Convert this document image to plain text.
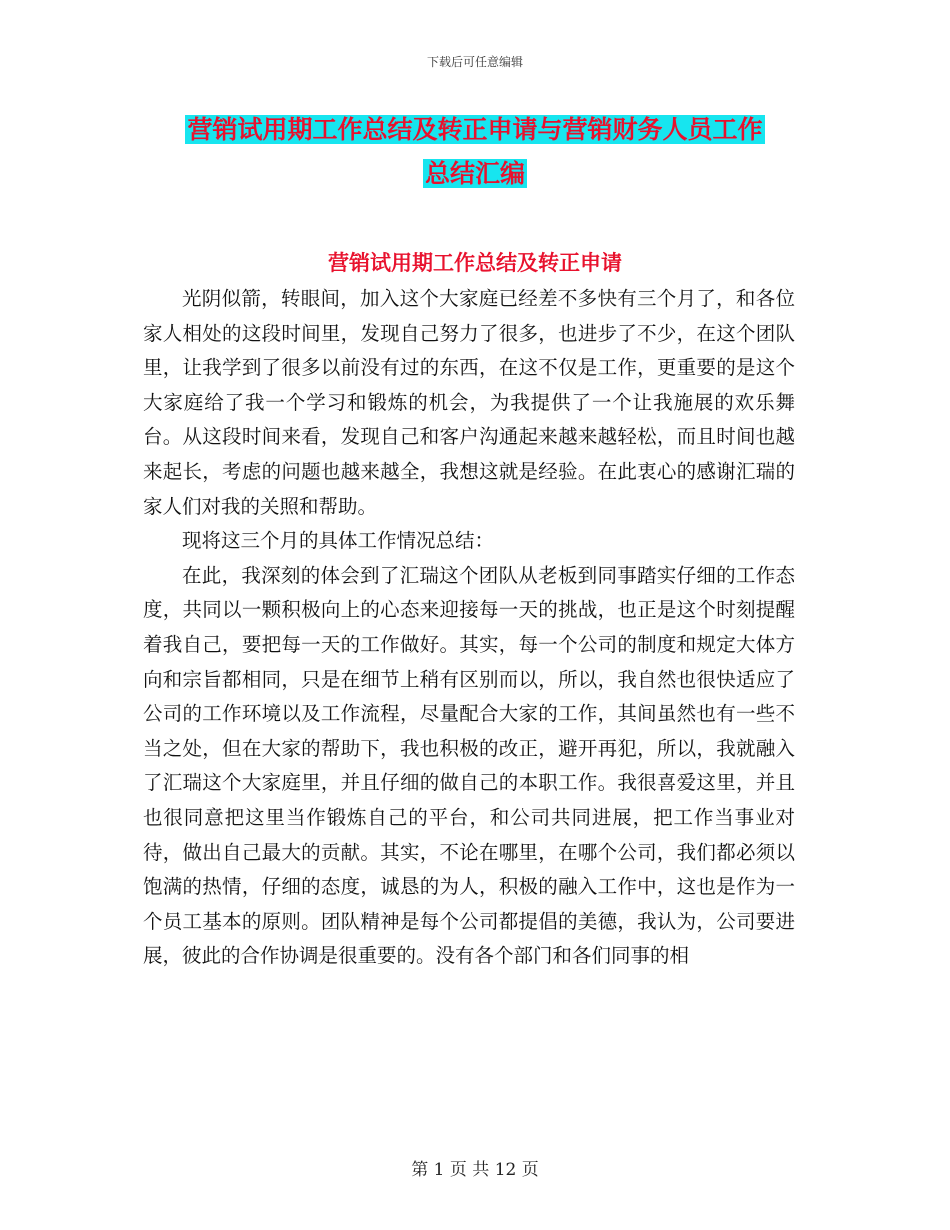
下载后可任意编辑
营销试用期工作总结及转正申请与营销财务人员工作
总结汇编
营销试用期工作总结及转正申请

光阴似箭，转眼间，加入这个大家庭已经差不多快有三个月了，和各位家人相处的这段时间里，发现自己努力了很多，也进步了不少，在这个团队里，让我学到了很多以前没有过的东西，在这不仅是工作，更重要的是这个大家庭给了我一个学习和锻炼的机会，为我提供了一个让我施展的欢乐舞台。从这段时间来看，发现自己和客户沟通起来越来越轻松，而且时间也越来起长，考虑的问题也越来越全，我想这就是经验。在此衷心的感谢汇瑞的家人们对我的关照和帮助。

现将这三个月的具体工作情况总结：

在此，我深刻的体会到了汇瑞这个团队从老板到同事踏实仔细的工作态度，共同以一颗积极向上的心态来迎接每一天的挑战，也正是这个时刻提醒着我自己，要把每一天的工作做好。其实，每一个公司的制度和规定大体方向和宗旨都相同，只是在细节上稍有区别而以，所以，我自然也很快适应了公司的工作环境以及工作流程，尽量配合大家的工作，其间虽然也有一些不当之处，但在大家的帮助下，我也积极的改正，避开再犯，所以，我就融入了汇瑞这个大家庭里，并且仔细的做自己的本职工作。我很喜爱这里，并且也很同意把这里当作锻炼自己的平台，和公司共同进展，把工作当事业对待，做出自己最大的贡献。其实，不论在哪里，在哪个公司，我们都必须以饱满的热情，仔细的态度，诚恳的为人，积极的融入工作中，这也是作为一个员工基本的原则。团队精神是每个公司都提倡的美德，我认为，公司要进展，彼此的合作协调是很重要的。没有各个部门和各们同事的相

第 1 页 共 12 页
